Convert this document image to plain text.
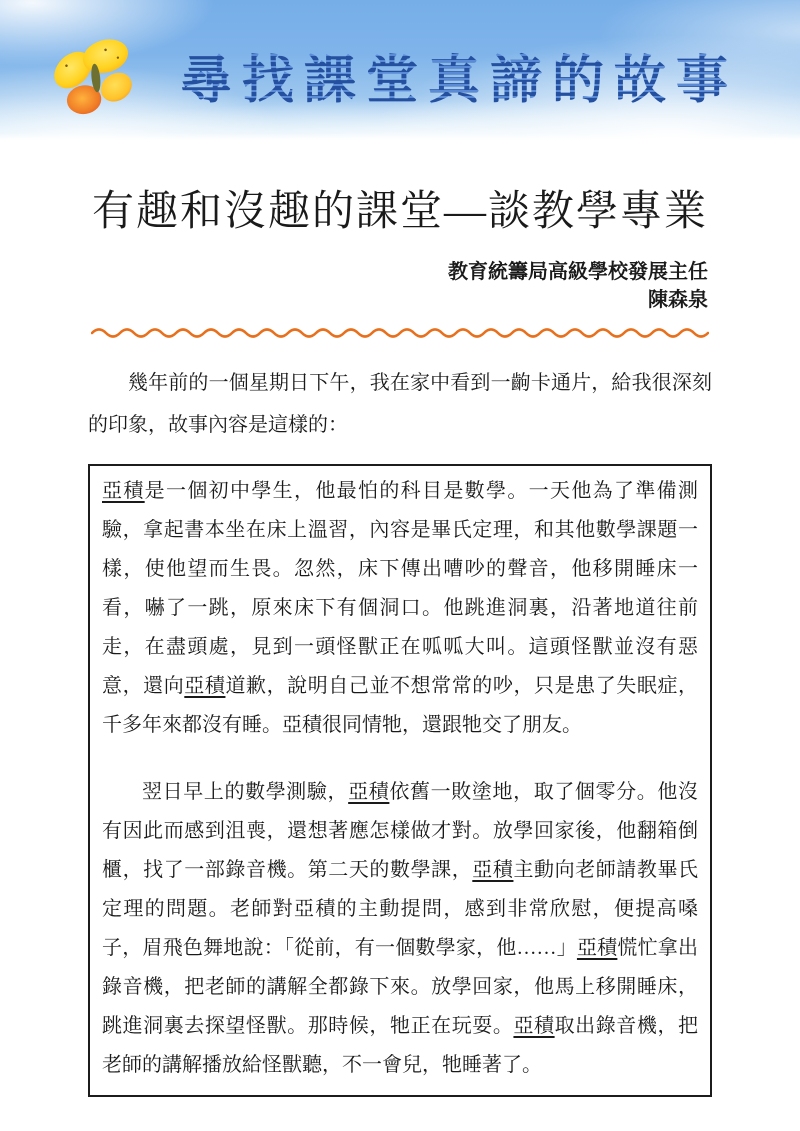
尋找課堂真諦的故事
有趣和沒趣的課堂—談教學專業
教育統籌局高級學校發展主任
陳森泉

幾年前的一個星期日下午，我在家中看到一齣卡通片，給我很深刻的印象，故事內容是這樣的：

亞積是一個初中學生，他最怕的科目是數學。一天他為了準備測驗，拿起書本坐在床上溫習，內容是畢氏定理，和其他數學課題一樣，使他望而生畏。忽然，床下傳出嘈吵的聲音，他移開睡床一看，嚇了一跳，原來床下有個洞口。他跳進洞裏，沿著地道往前走，在盡頭處，見到一頭怪獸正在呱呱大叫。這頭怪獸並沒有惡意，還向亞積道歉，說明自己並不想常常的吵，只是患了失眠症，千多年來都沒有睡。亞積很同情牠，還跟牠交了朋友。

翌日早上的數學測驗，亞積依舊一敗塗地，取了個零分。他沒有因此而感到沮喪，還想著應怎樣做才對。放學回家後，他翻箱倒櫃，找了一部錄音機。第二天的數學課，亞積主動向老師請教畢氏定理的問題。老師對亞積的主動提問，感到非常欣慰，便提高嗓子，眉飛色舞地說：「從前，有一個數學家，他……」亞積慌忙拿出錄音機，把老師的講解全都錄下來。放學回家，他馬上移開睡床，跳進洞裏去探望怪獸。那時候，牠正在玩耍。亞積取出錄音機，把老師的講解播放給怪獸聽，不一會兒，牠睡著了。
